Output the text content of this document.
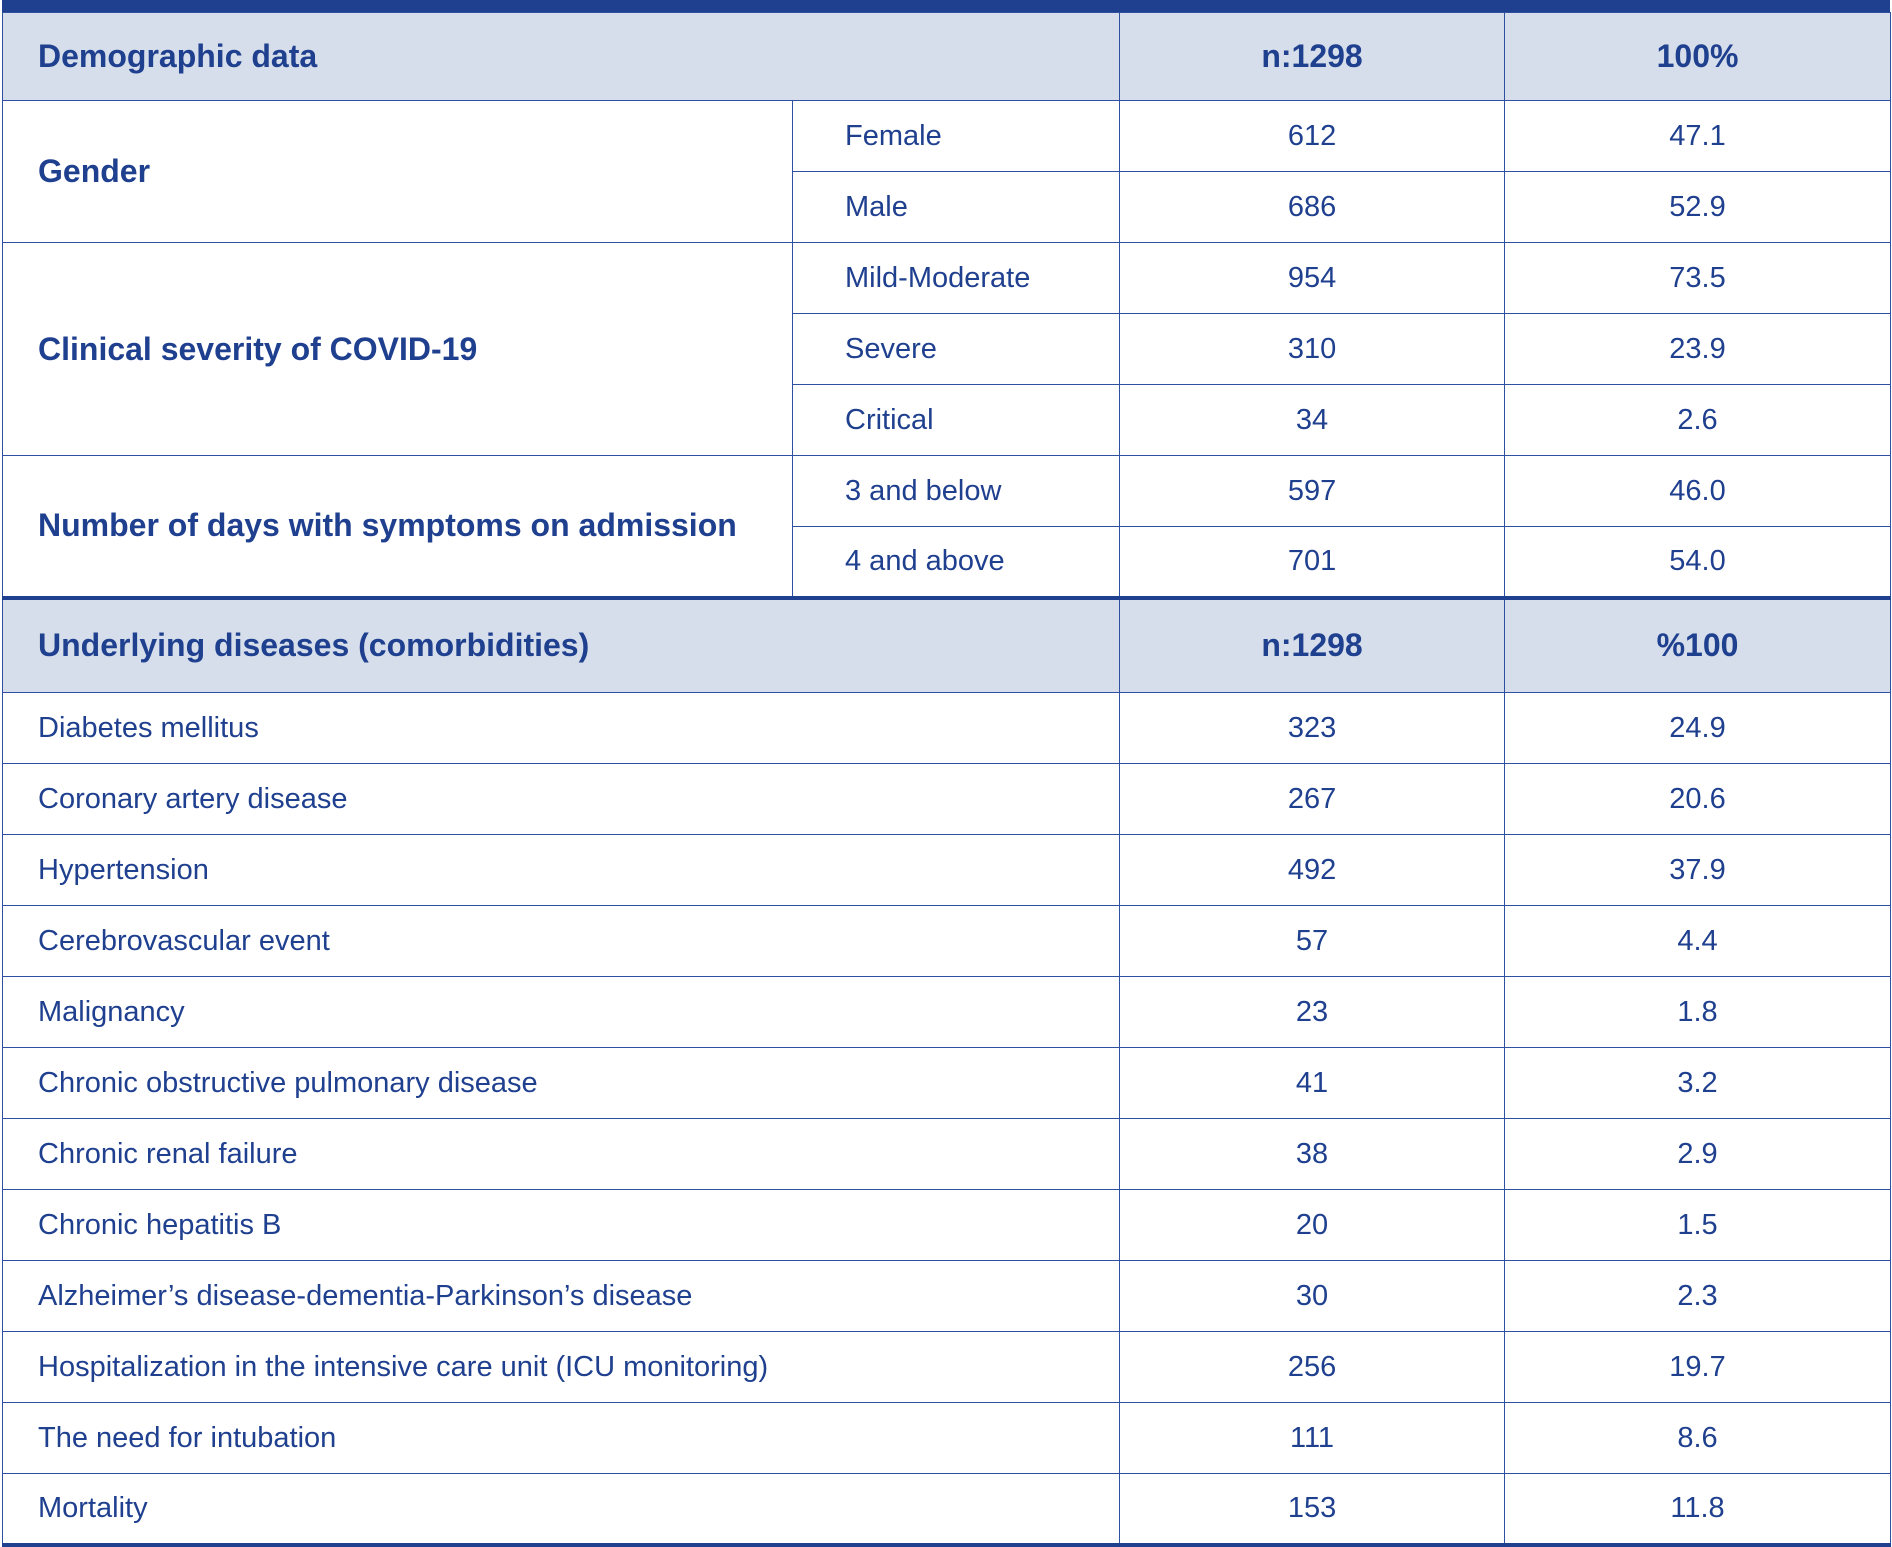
Demographic data		n:1298	100%
Gender	Female	612	47.1
	Male	686	52.9
Clinical severity of COVID-19	Mild-Moderate	954	73.5
	Severe	310	23.9
	Critical	34	2.6
Number of days with symptoms on admission	3 and below	597	46.0
	4 and above	701	54.0
Underlying diseases (comorbidities)		n:1298	%100
Diabetes mellitus		323	24.9
Coronary artery disease		267	20.6
Hypertension		492	37.9
Cerebrovascular event		57	4.4
Malignancy		23	1.8
Chronic obstructive pulmonary disease		41	3.2
Chronic renal failure		38	2.9
Chronic hepatitis B		20	1.5
Alzheimer’s disease-dementia-Parkinson’s disease		30	2.3
Hospitalization in the intensive care unit (ICU monitoring)		256	19.7
The need for intubation		111	8.6
Mortality		153	11.8
